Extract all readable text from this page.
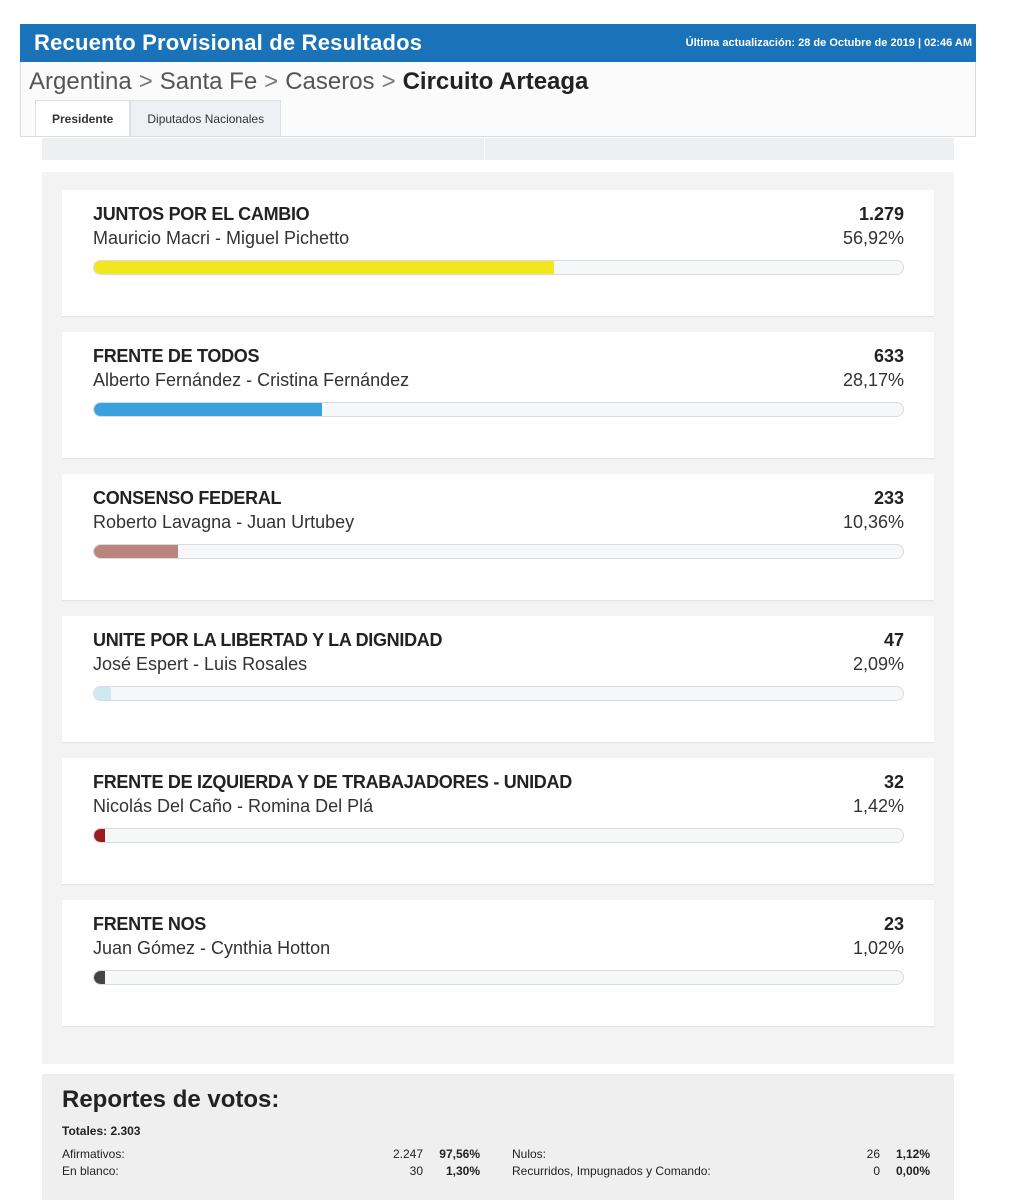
Recuento Provisional de Resultados	Última actualización: 28 de Octubre de 2019 | 02:46 AM
Argentina > Santa Fe > Caseros > Circuito Arteaga
Presidente	Diputados Nacionales
JUNTOS POR EL CAMBIO
Mauricio Macri - Miguel Pichetto
1.279
56,92%
FRENTE DE TODOS
Alberto Fernández - Cristina Fernández
633
28,17%
CONSENSO FEDERAL
Roberto Lavagna - Juan Urtubey
233
10,36%
UNITE POR LA LIBERTAD Y LA DIGNIDAD
José Espert - Luis Rosales
47
2,09%
FRENTE DE IZQUIERDA Y DE TRABAJADORES - UNIDAD
Nicolás Del Caño - Romina Del Plá
32
1,42%
FRENTE NOS
Juan Gómez - Cynthia Hotton
23
1,02%
Reportes de votos:
Totales: 2.303
Afirmativos:	2.247 97,56%
En blanco:	30 1,30%
Nulos:	26 1,12%
Recurridos, Impugnados y Comando:	0 0,00%
